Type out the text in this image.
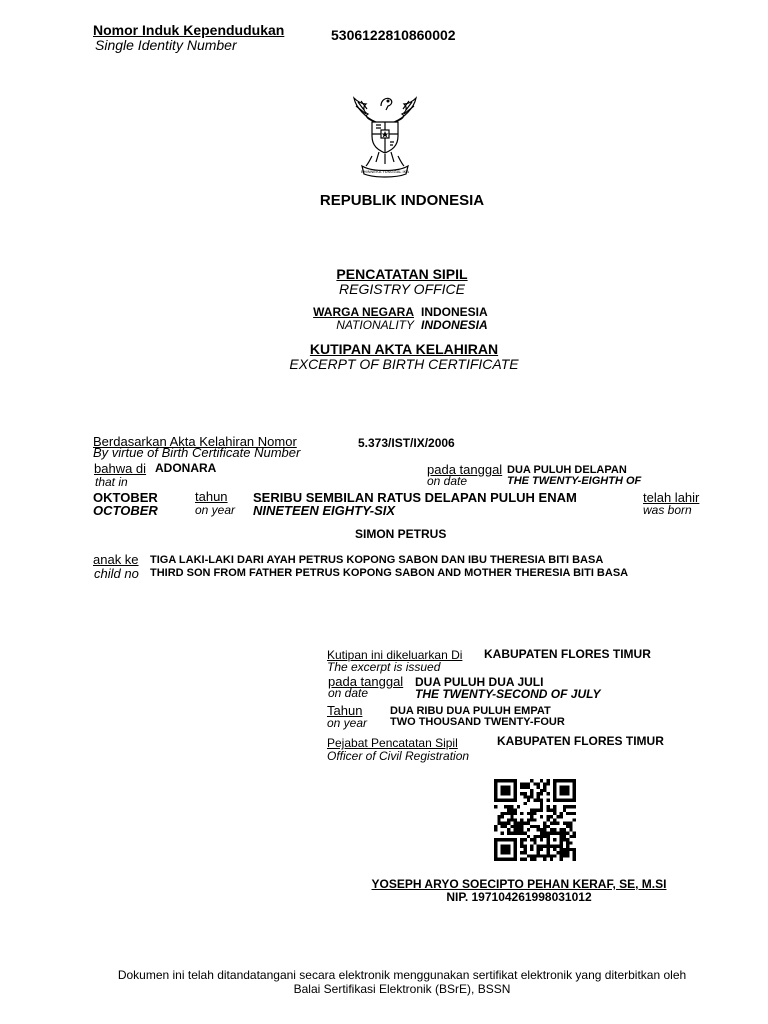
Nomor Induk Kependudukan
Single Identity Number
5306122810860002
BHINNEKA TUNGGAL IKA
REPUBLIK INDONESIA
PENCATATAN SIPIL
REGISTRY OFFICE
WARGA NEGARA
NATIONALITY
INDONESIA
INDONESIA
KUTIPAN AKTA KELAHIRAN
EXCERPT OF BIRTH CERTIFICATE
Berdasarkan Akta Kelahiran Nomor
By virtue of Birth Certificate Number
5.373/IST/IX/2006
bahwa di
that in
ADONARA	pada tanggal
on date
DUA PULUH DELAPAN
THE TWENTY-EIGHTH OF
OKTOBER
OCTOBER
tahun
on year
SERIBU SEMBILAN RATUS DELAPAN PULUH ENAM
NINETEEN EIGHTY-SIX
telah lahir
was born
SIMON PETRUS
anak ke
child no
TIGA LAKI-LAKI DARI AYAH PETRUS KOPONG SABON DAN IBU THERESIA BITI BASA
THIRD SON FROM FATHER PETRUS KOPONG SABON AND MOTHER THERESIA BITI BASA
Kutipan ini dikeluarkan Di
The excerpt is issued
KABUPATEN FLORES TIMUR
pada tanggal
on date
DUA PULUH DUA JULI
THE TWENTY-SECOND OF JULY
Tahun
on year
DUA RIBU DUA PULUH EMPAT
TWO THOUSAND TWENTY-FOUR
Pejabat Pencatatan Sipil
Officer of Civil Registration
KABUPATEN FLORES TIMUR
YOSEPH ARYO SOECIPTO PEHAN KERAF, SE, M.SI
NIP. 197104261998031012
Dokumen ini telah ditandatangani secara elektronik menggunakan sertifikat elektronik yang diterbitkan oleh
Balai Sertifikasi Elektronik (BSrE), BSSN
